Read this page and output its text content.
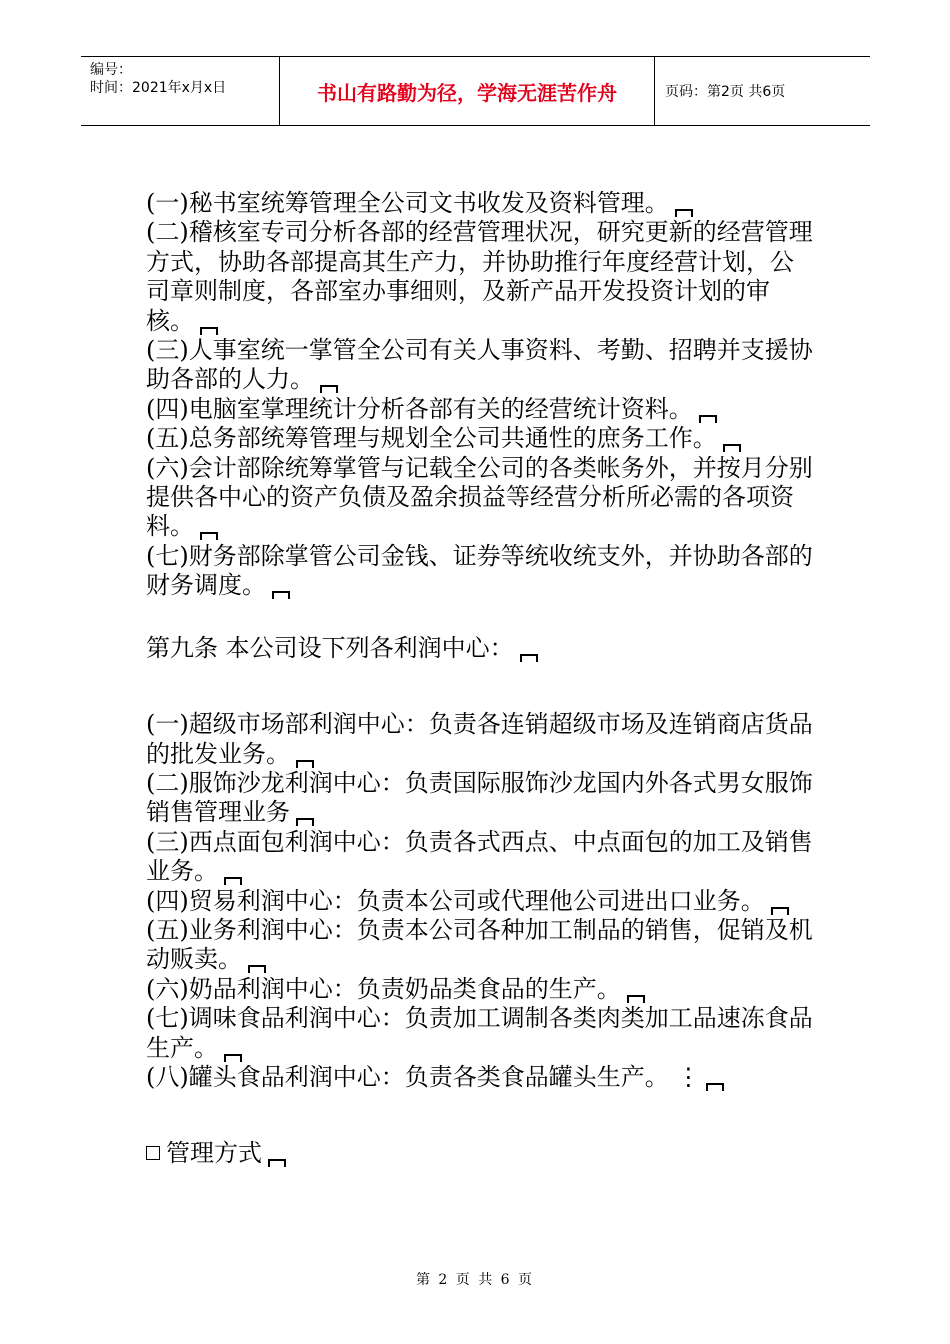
编号：
时间：2021年x月x日	书山有路勤为径，学海无涯苦作舟	页码：第2页 共6页

(一)秘书室统筹管理全公司文书收发及资料管理。

(二)稽核室专司分析各部的经营管理状况，研究更新的经营管理方式，协助各部提高其生产力，并协助推行年度经营计划，公司章则制度，各部室办事细则，及新产品开发投资计划的审核。

(三)人事室统一掌管全公司有关人事资料、考勤、招聘并支援协助各部的人力。

(四)电脑室掌理统计分析各部有关的经营统计资料。

(五)总务部统筹管理与规划全公司共通性的庶务工作。

(六)会计部除统筹掌管与记载全公司的各类帐务外，并按月分别提供各中心的资产负债及盈余损益等经营分析所必需的各项资料。

(七)财务部除掌管公司金钱、证券等统收统支外，并协助各部的财务调度。

第九条 本公司设下列各利润中心：

(一)超级市场部利润中心：负责各连销超级市场及连销商店货品的批发业务。

(二)服饰沙龙利润中心：负责国际服饰沙龙国内外各式男女服饰销售管理业务

(三)西点面包利润中心：负责各式西点、中点面包的加工及销售业务。

(四)贸易利润中心：负责本公司或代理他公司进出口业务。

(五)业务利润中心：负责本公司各种加工制品的销售，促销及机动贩卖。

(六)奶品利润中心：负责奶品类食品的生产。

(七)调味食品利润中心：负责加工调制各类肉类加工品速冻食品生产。

(八)罐头食品利润中心：负责各类食品罐头生产。 ⋮

管理方式

第 2 页 共 6 页
